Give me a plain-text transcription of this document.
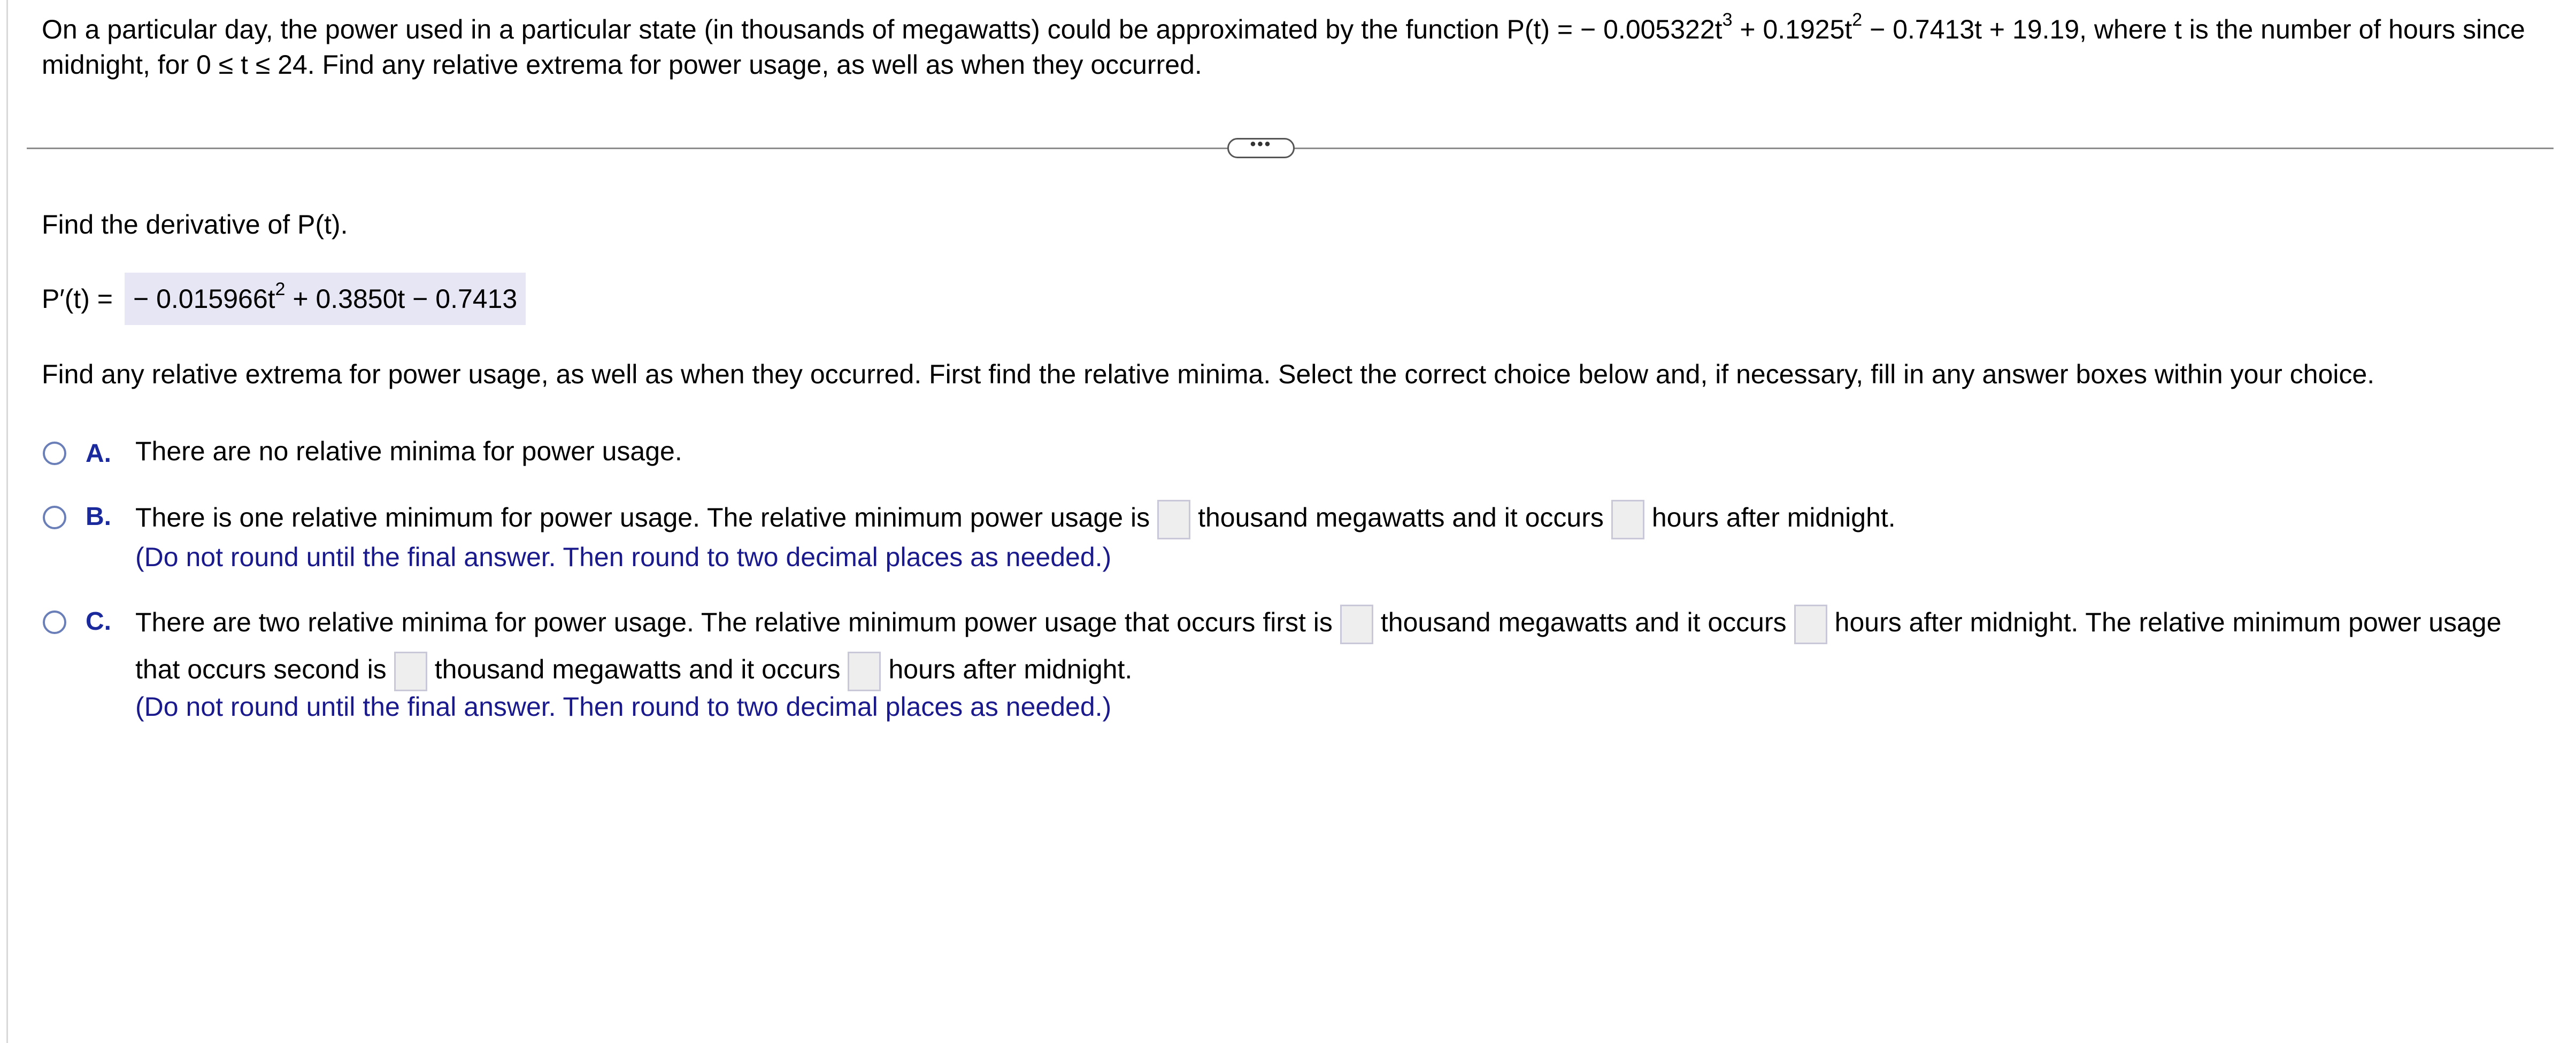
On a particular day, the power used in a particular state (in thousands of megawatts) could be approximated by the function P(t) = − $0.005322t^3 + 0.1925t^2 - 0.7413t + 19.19$, where t is the number of hours since midnight, for 0 ≤ t ≤ 24. Find any relative extrema for power usage, as well as when they occurred.
•••
Find the derivative of P(t).
P′(t) = − $0.015966t^2 + 0.3850t - 0.7413$
Find any relative extrema for power usage, as well as when they occurred. First find the relative minima. Select the correct choice below and, if necessary, fill in any answer boxes within your choice.
A. There are no relative minima for power usage.
B. There is one relative minimum for power usage. The relative minimum power usage is thousand megawatts and it occurs hours after midnight.
(Do not round until the final answer. Then round to two decimal places as needed.)
C. There are two relative minima for power usage. The relative minimum power usage that occurs first is thousand megawatts and it occurs hours after midnight. The relative minimum power usage that occurs second is thousand megawatts and it occurs hours after midnight.
(Do not round until the final answer. Then round to two decimal places as needed.)
